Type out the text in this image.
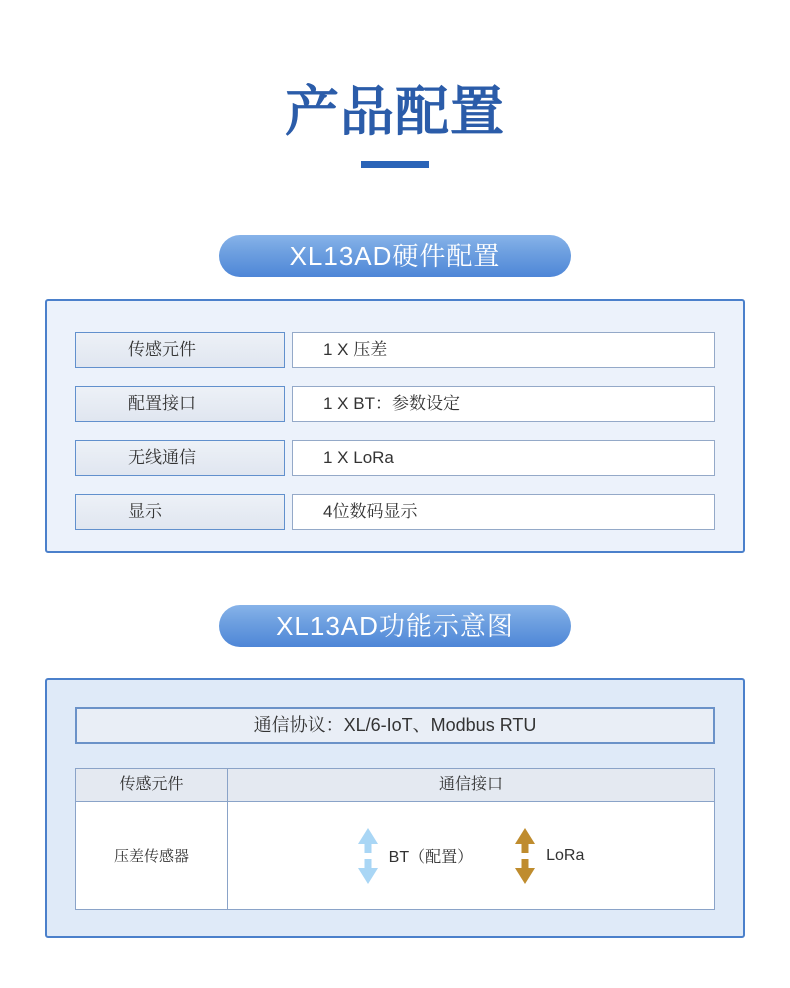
产品配置
XL13AD硬件配置
传感元件	1 X 压差
配置接口	1 X BT：参数设定
无线通信	1 X LoRa
显示	4位数码显示
XL13AD功能示意图
通信协议：XL/6-IoT、Modbus RTU
传感元件	通信接口
压差传感器	BT（配置）	LoRa
